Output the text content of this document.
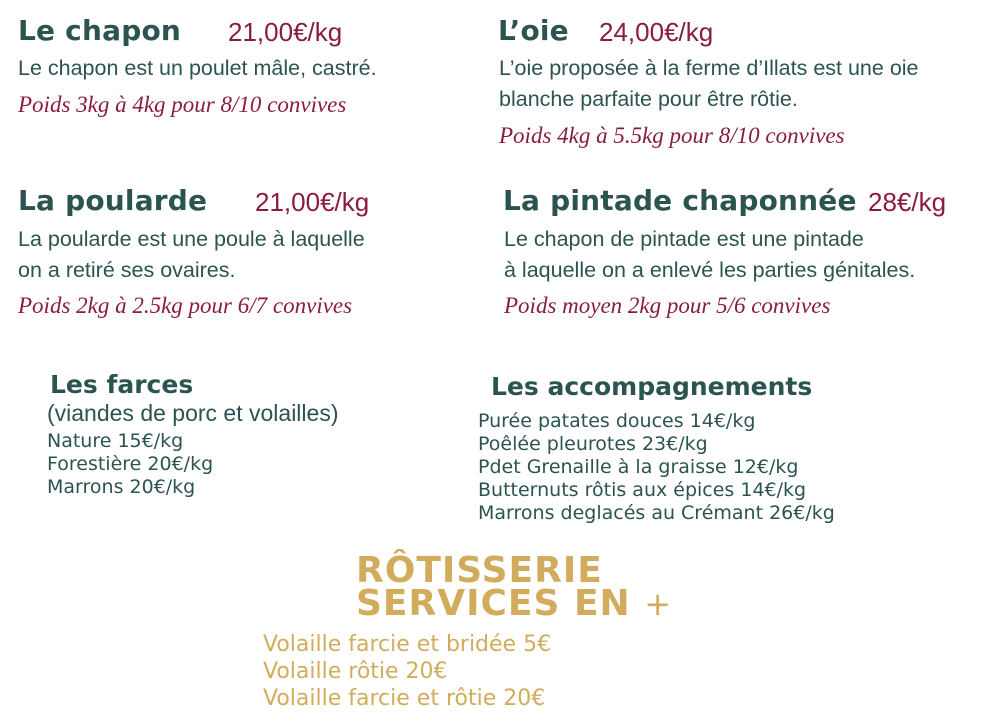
Le chapon 21,00€/kg
Le chapon est un poulet mâle, castré.
Poids 3kg à 4kg pour 8/10 convives
L’oie 24,00€/kg
L’oie proposée à la ferme d’Illats est une oie
blanche parfaite pour être rôtie.
Poids 4kg à 5.5kg pour 8/10 convives
La poularde 21,00€/kg
La poularde est une poule à laquelle
on a retiré ses ovaires.
Poids 2kg à 2.5kg pour 6/7 convives
La pintade chaponnée 28€/kg
Le chapon de pintade est une pintade
à laquelle on a enlevé les parties génitales.
Poids moyen 2kg pour 5/6 convives
Les farces
(viandes de porc et volailles)
Nature 15€/kg
Forestière 20€/kg
Marrons 20€/kg
Les accompagnements
Purée patates douces 14€/kg
Poêlée pleurotes 23€/kg
Pdet Grenaille à la graisse 12€/kg
Butternuts rôtis aux épices 14€/kg
Marrons deglacés au Crémant 26€/kg
RÔTISSERIE
SERVICES EN +
Volaille farcie et bridée 5€
Volaille rôtie 20€
Volaille farcie et rôtie 20€
